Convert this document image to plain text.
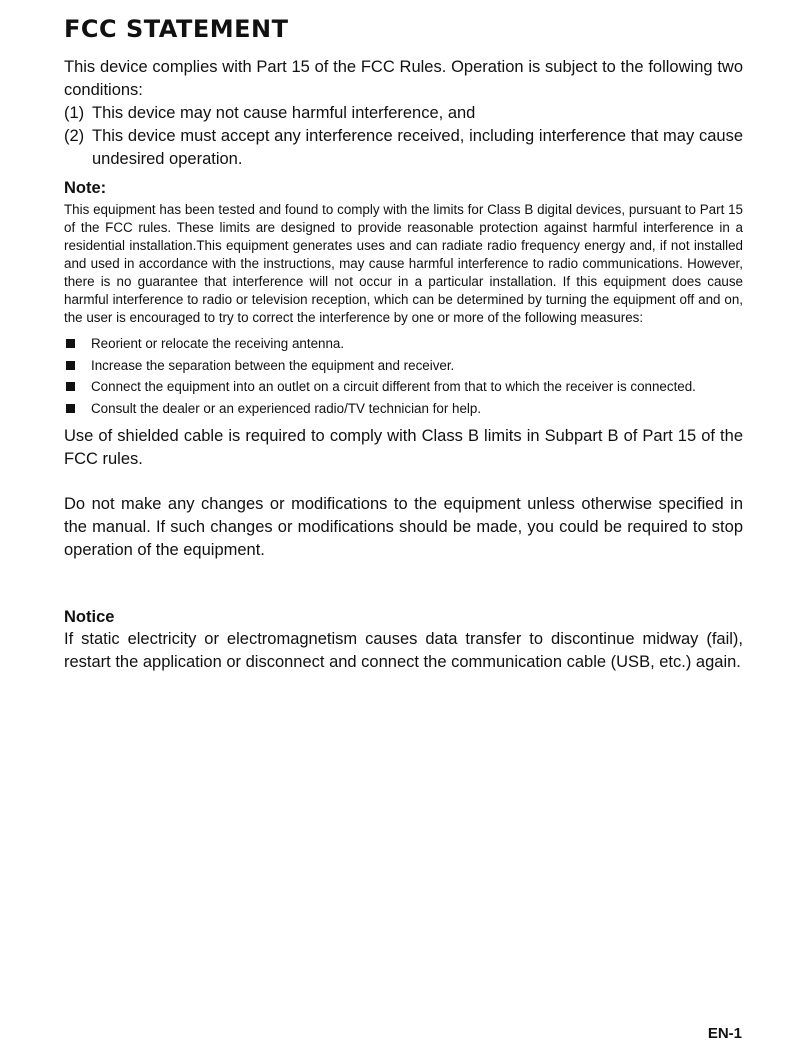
FCC STATEMENT

This device complies with Part 15 of the FCC Rules. Operation is subject to the following two conditions:

(1) This device may not cause harmful interference, and
(2) This device must accept any interference received, including interference that may cause undesired operation.
Note:

This equipment has been tested and found to comply with the limits for Class B digital devices, pursuant to Part 15 of the FCC rules. These limits are designed to provide reasonable protection against harmful interference in a residential installation.This equipment generates uses and can radiate radio frequency energy and, if not installed and used in accordance with the instructions, may cause harmful interference to radio communications. However, there is no guarantee that interference will not occur in a particular installation. If this equipment does cause harmful interference to radio or television reception, which can be determined by turning the equipment off and on, the user is encouraged to try to correct the interference by one or more of the following measures:

Reorient or relocate the receiving antenna.
Increase the separation between the equipment and receiver.
Connect the equipment into an outlet on a circuit different from that to which the receiver is connected.
Consult the dealer or an experienced radio/TV technician for help.

Use of shielded cable is required to comply with Class B limits in Subpart B of Part 15 of the FCC rules.

Do not make any changes or modifications to the equipment unless otherwise specified in the manual. If such changes or modifications should be made, you could be required to stop operation of the equipment.

Notice

If static electricity or electromagnetism causes data transfer to discontinue midway (fail), restart the application or disconnect and connect the communication cable (USB, etc.) again.

EN-1
